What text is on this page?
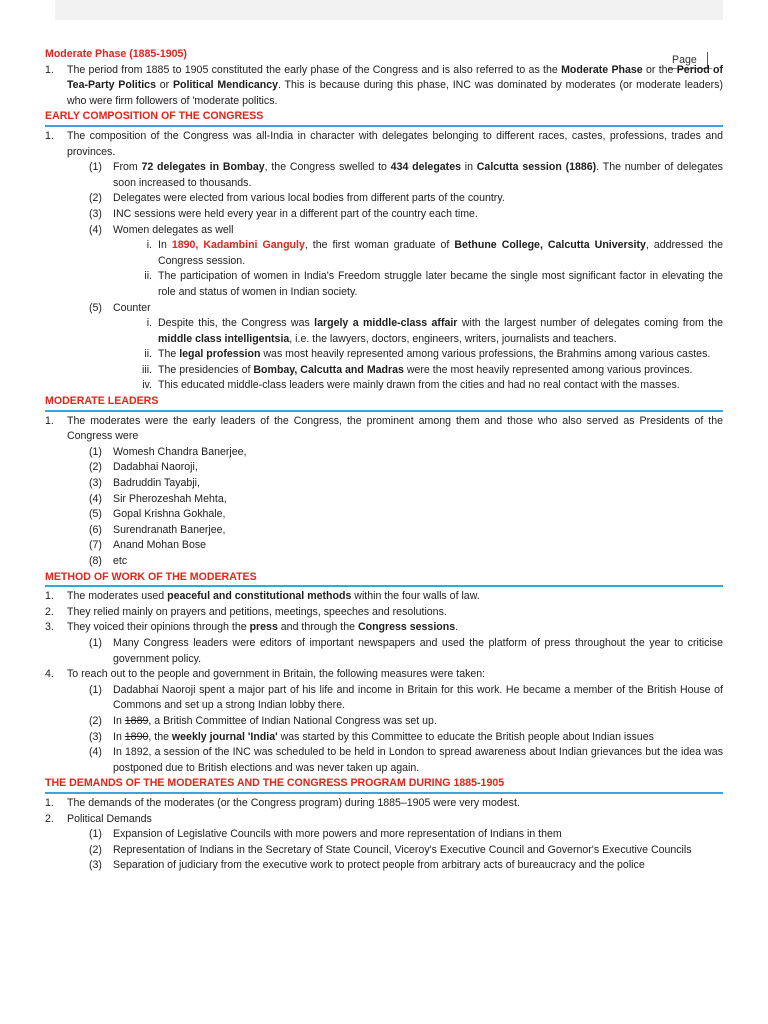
Page
Moderate Phase (1885-1905)
1.	The period from 1885 to 1905 constituted the early phase of the Congress and is also referred to as the Moderate Phase or the Period of Tea-Party Politics or Political Mendicancy. This is because during this phase, INC was dominated by moderates (or moderate leaders) who were firm followers of 'moderate politics.
EARLY COMPOSITION OF THE CONGRESS
1.	The composition of the Congress was all-India in character with delegates belonging to different races, castes, professions, trades and provinces.
(1)	From 72 delegates in Bombay, the Congress swelled to 434 delegates in Calcutta session (1886). The number of delegates soon increased to thousands.
(2)	Delegates were elected from various local bodies from different parts of the country.
(3)	INC sessions were held every year in a different part of the country each time.
(4)	Women delegates as well
i. In 1890, Kadambini Ganguly, the first woman graduate of Bethune College, Calcutta University, addressed the Congress session.
ii. The participation of women in India's Freedom struggle later became the single most significant factor in elevating the role and status of women in Indian society.
(5)	Counter
i. Despite this, the Congress was largely a middle-class affair with the largest number of delegates coming from the middle class intelligentsia, i.e. the lawyers, doctors, engineers, writers, journalists and teachers.
ii. The legal profession was most heavily represented among various professions, the Brahmins among various castes.
iii. The presidencies of Bombay, Calcutta and Madras were the most heavily represented among various provinces.
iv. This educated middle-class leaders were mainly drawn from the cities and had no real contact with the masses.
MODERATE LEADERS
1.	The moderates were the early leaders of the Congress, the prominent among them and those who also served as Presidents of the Congress were
(1)	Womesh Chandra Banerjee,
(2)	Dadabhai Naoroji,
(3)	Badruddin Tayabji,
(4)	Sir Pherozeshah Mehta,
(5)	Gopal Krishna Gokhale,
(6)	Surendranath Banerjee,
(7)	Anand Mohan Bose
(8)	etc
METHOD OF WORK OF THE MODERATES
1.	The moderates used peaceful and constitutional methods within the four walls of law.
2.	They relied mainly on prayers and petitions, meetings, speeches and resolutions.
3.	They voiced their opinions through the press and through the Congress sessions.
(1)	Many Congress leaders were editors of important newspapers and used the platform of press throughout the year to criticise government policy.
4.	To reach out to the people and government in Britain, the following measures were taken:
(1)	Dadabhai Naoroji spent a major part of his life and income in Britain for this work. He became a member of the British House of Commons and set up a strong Indian lobby there.
(2)	In 1889, a British Committee of Indian National Congress was set up.
(3)	In 1890, the weekly journal 'India' was started by this Committee to educate the British people about Indian issues
(4)	In 1892, a session of the INC was scheduled to be held in London to spread awareness about Indian grievances but the idea was postponed due to British elections and was never taken up again.
THE DEMANDS OF THE MODERATES AND THE CONGRESS PROGRAM DURING 1885-1905
1.	The demands of the moderates (or the Congress program) during 1885–1905 were very modest.
2.	Political Demands
(1)	Expansion of Legislative Councils with more powers and more representation of Indians in them
(2)	Representation of Indians in the Secretary of State Council, Viceroy's Executive Council and Governor's Executive Councils
(3)	Separation of judiciary from the executive work to protect people from arbitrary acts of bureaucracy and the police
